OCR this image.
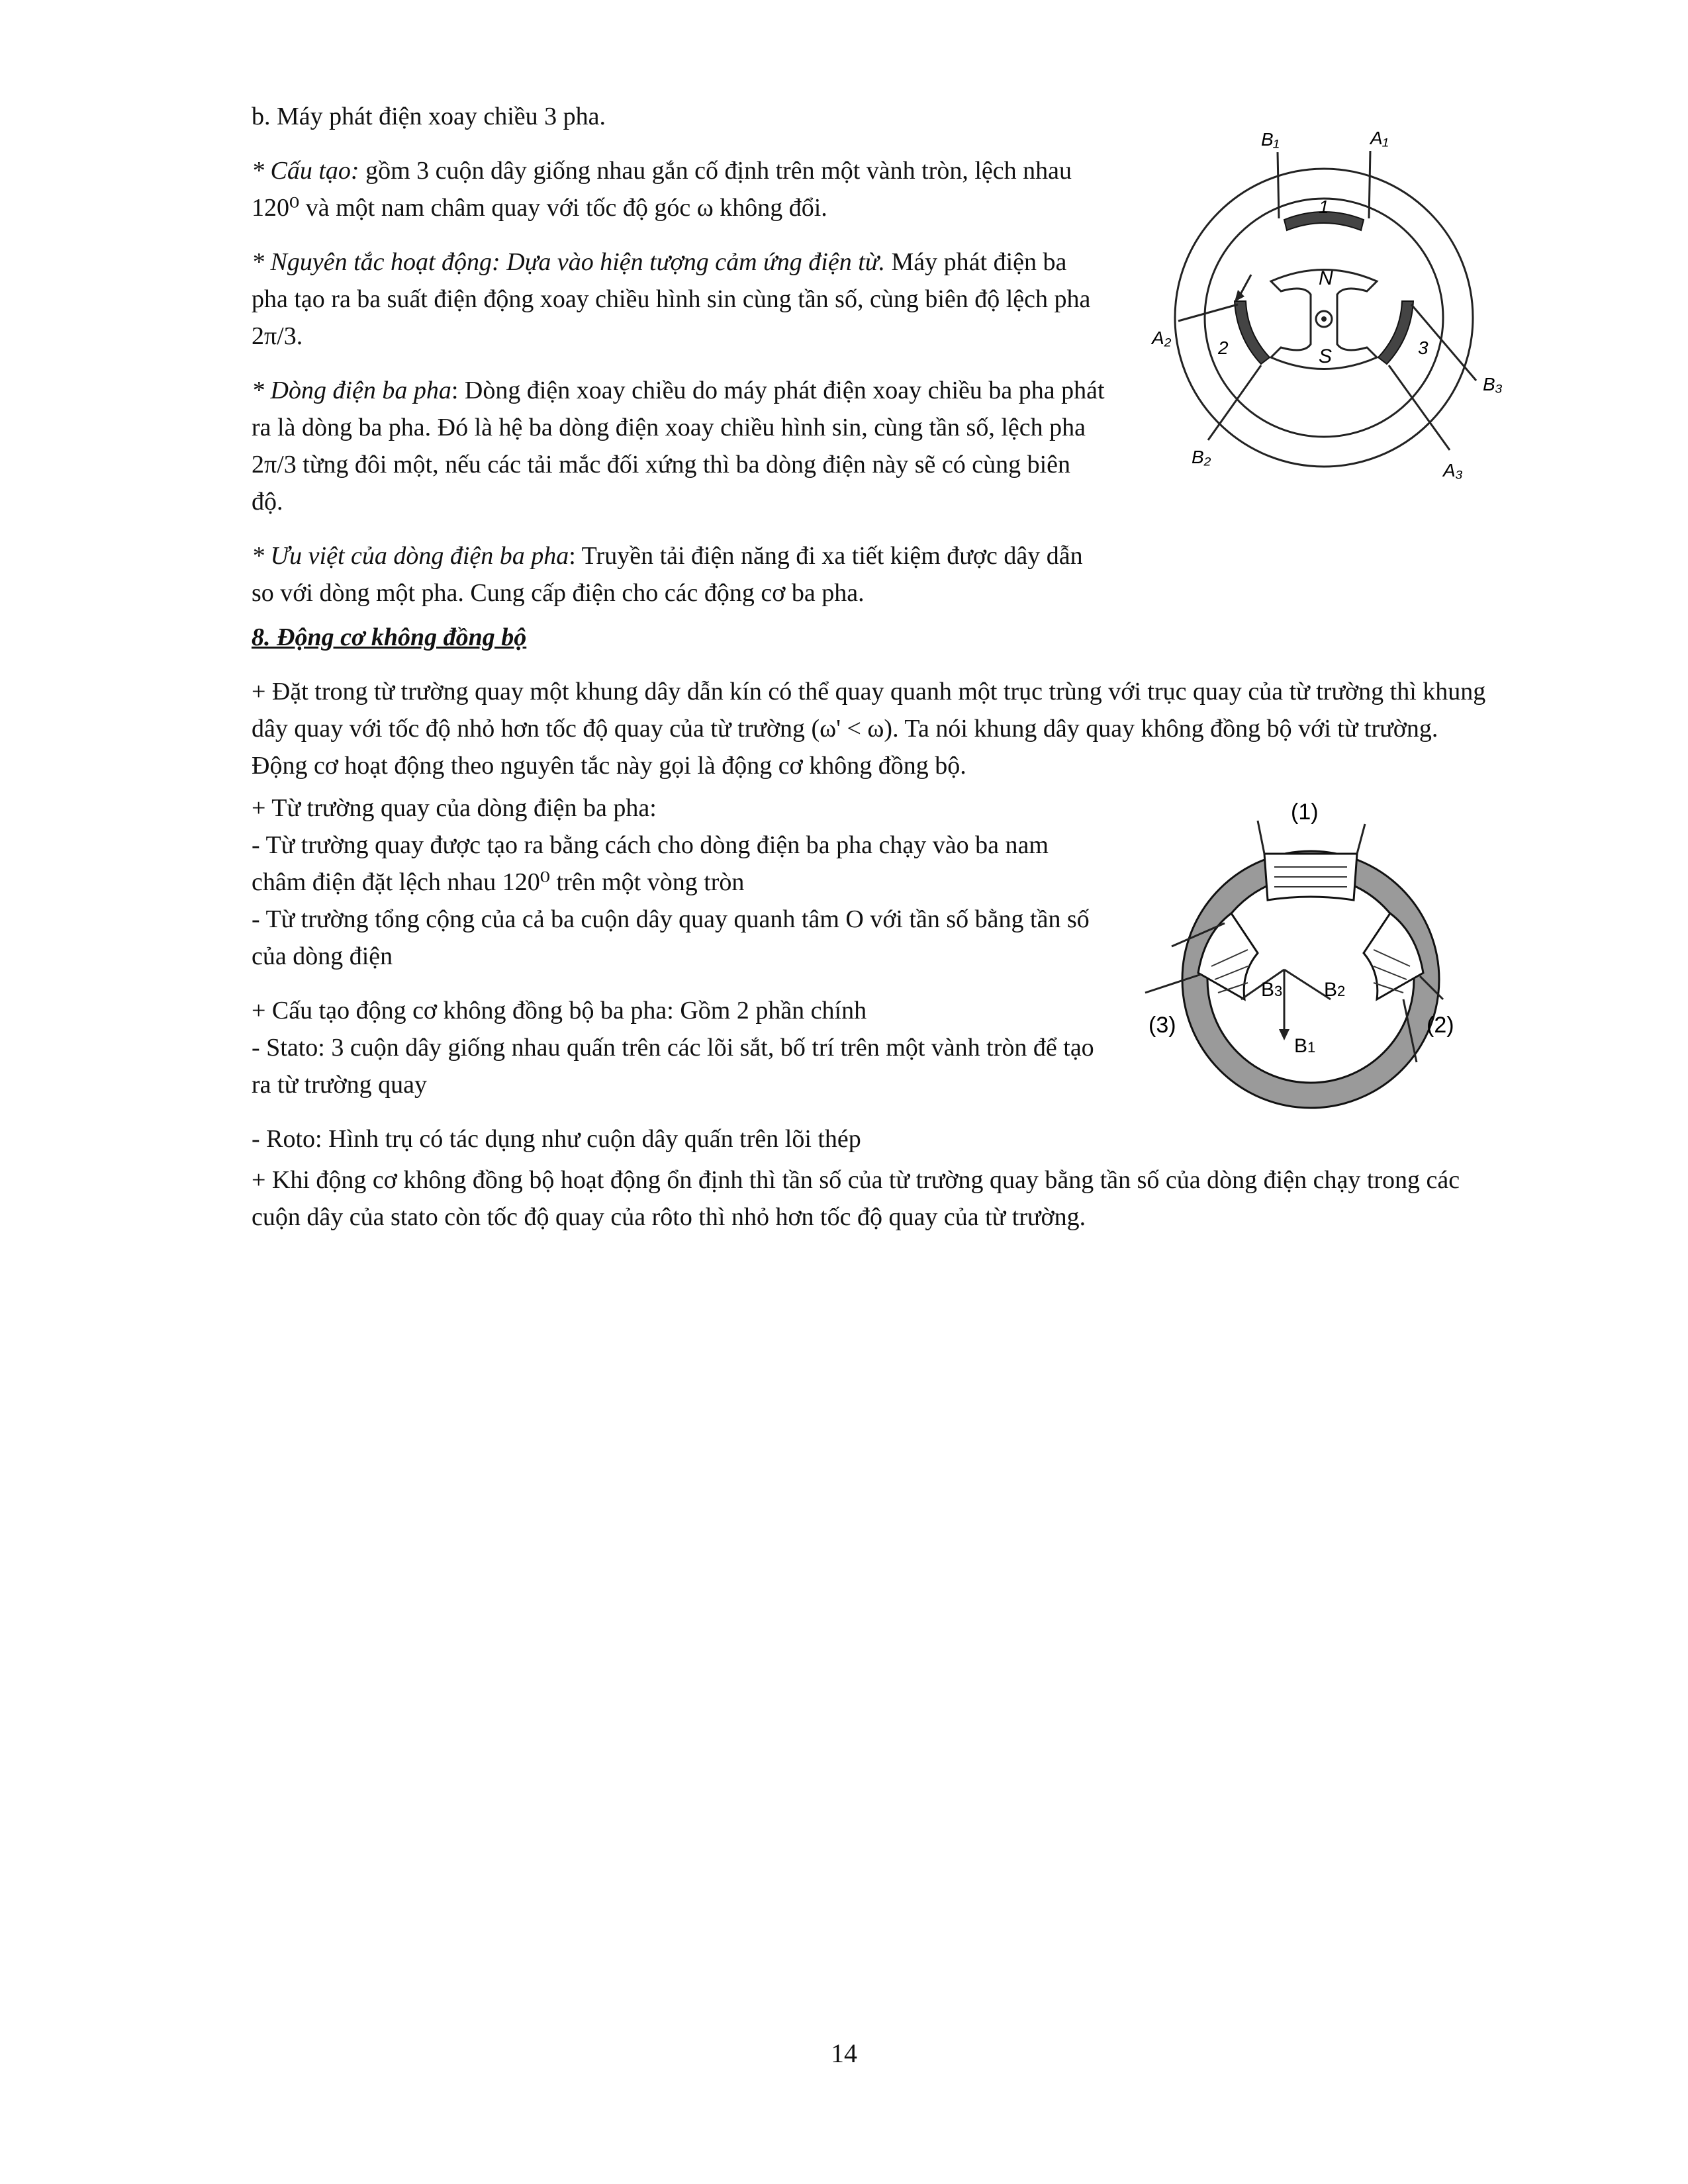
b. Máy phát điện xoay chiều 3 pha.

* Cấu tạo: gồm 3 cuộn dây giống nhau gắn cố định trên một vành tròn, lệch nhau 120⁰ và một nam châm quay với tốc độ góc ω không đổi.

* Nguyên tắc hoạt động: Dựa vào hiện tượng cảm ứng điện từ. Máy phát điện ba pha tạo ra ba suất điện động xoay chiều hình sin cùng tần số, cùng biên độ lệch pha 2π/3.

* Dòng điện ba pha: Dòng điện xoay chiều do máy phát điện xoay chiều ba pha phát ra là dòng ba pha. Đó là hệ ba dòng điện xoay chiều hình sin, cùng tần số, lệch pha 2π/3 từng đôi một, nếu các tải mắc đối xứng thì ba dòng điện này sẽ có cùng biên độ.

* Ưu việt của dòng điện ba pha: Truyền tải điện năng đi xa tiết kiệm được dây dẫn so với dòng một pha. Cung cấp điện cho các động cơ ba pha.

N
S
1
2	3
B₁	A₁
A₂
B₂
B₃
A₃

8. Động cơ không đồng bộ

+ Đặt trong từ trường quay một khung dây dẫn kín có thể quay quanh một trục trùng với trục quay của từ trường thì khung dây quay với tốc độ nhỏ hơn tốc độ quay của từ trường (ω' < ω). Ta nói khung dây quay không đồng bộ với từ trường. Động cơ hoạt động theo nguyên tắc này gọi là động cơ không đồng bộ.

+ Từ trường quay của dòng điện ba pha:
- Từ trường quay được tạo ra bằng cách cho dòng điện ba pha chạy vào ba nam châm điện đặt lệch nhau 120⁰ trên một vòng tròn
- Từ trường tổng cộng của cả ba cuộn dây quay quanh tâm O với tần số bằng tần số của dòng điện

+ Cấu tạo động cơ không đồng bộ ba pha: Gồm 2 phần chính
- Stato: 3 cuộn dây giống nhau quấn trên các lõi sắt, bố trí trên một vành tròn để tạo ra từ trường quay

- Roto: Hình trụ có tác dụng như cuộn dây quấn trên lõi thép

+ Khi động cơ không đồng bộ hoạt động ổn định thì tần số của từ trường quay bằng tần số của dòng điện chạy trong các cuộn dây của stato còn tốc độ quay của rôto thì nhỏ hơn tốc độ quay của từ trường.

(1)
(2)
(3)
B3 B2
B1
14
